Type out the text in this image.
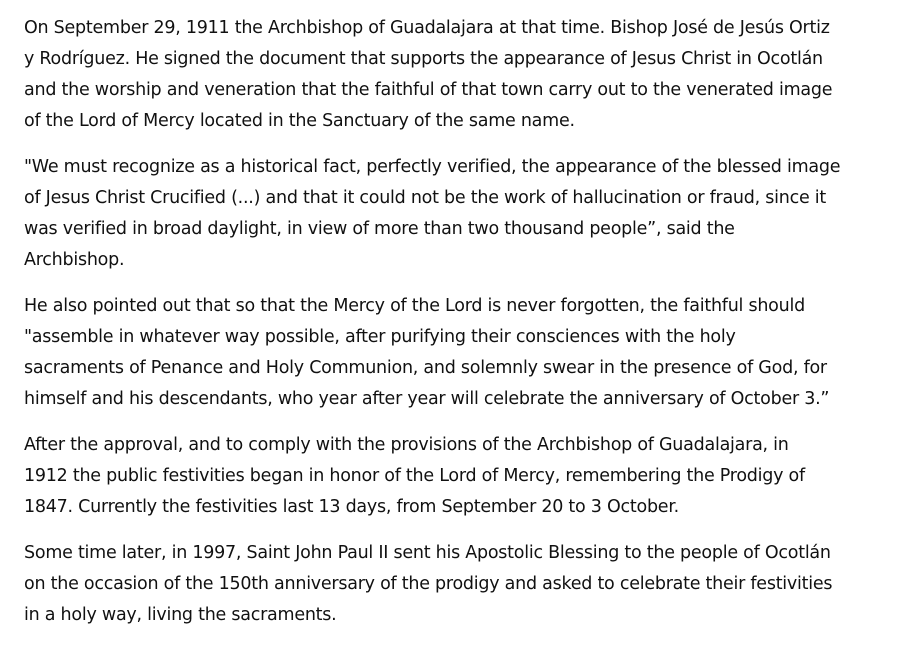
On September 29, 1911 the Archbishop of Guadalajara at that time. Bishop José de Jesús Ortiz
y Rodríguez. He signed the document that supports the appearance of Jesus Christ in Ocotlán
and the worship and veneration that the faithful of that town carry out to the venerated image
of the Lord of Mercy located in the Sanctuary of the same name.

"We must recognize as a historical fact, perfectly verified, the appearance of the blessed image
of Jesus Christ Crucified (...) and that it could not be the work of hallucination or fraud, since it
was verified in broad daylight, in view of more than two thousand people”, said the
Archbishop.

He also pointed out that so that the Mercy of the Lord is never forgotten, the faithful should
"assemble in whatever way possible, after purifying their consciences with the holy
sacraments of Penance and Holy Communion, and solemnly swear in the presence of God, for
himself and his descendants, who year after year will celebrate the anniversary of October 3.”

After the approval, and to comply with the provisions of the Archbishop of Guadalajara, in
1912 the public festivities began in honor of the Lord of Mercy, remembering the Prodigy of
1847. Currently the festivities last 13 days, from September 20 to 3 October.

Some time later, in 1997, Saint John Paul II sent his Apostolic Blessing to the people of Ocotlán
on the occasion of the 150th anniversary of the prodigy and asked to celebrate their festivities
in a holy way, living the sacraments.
